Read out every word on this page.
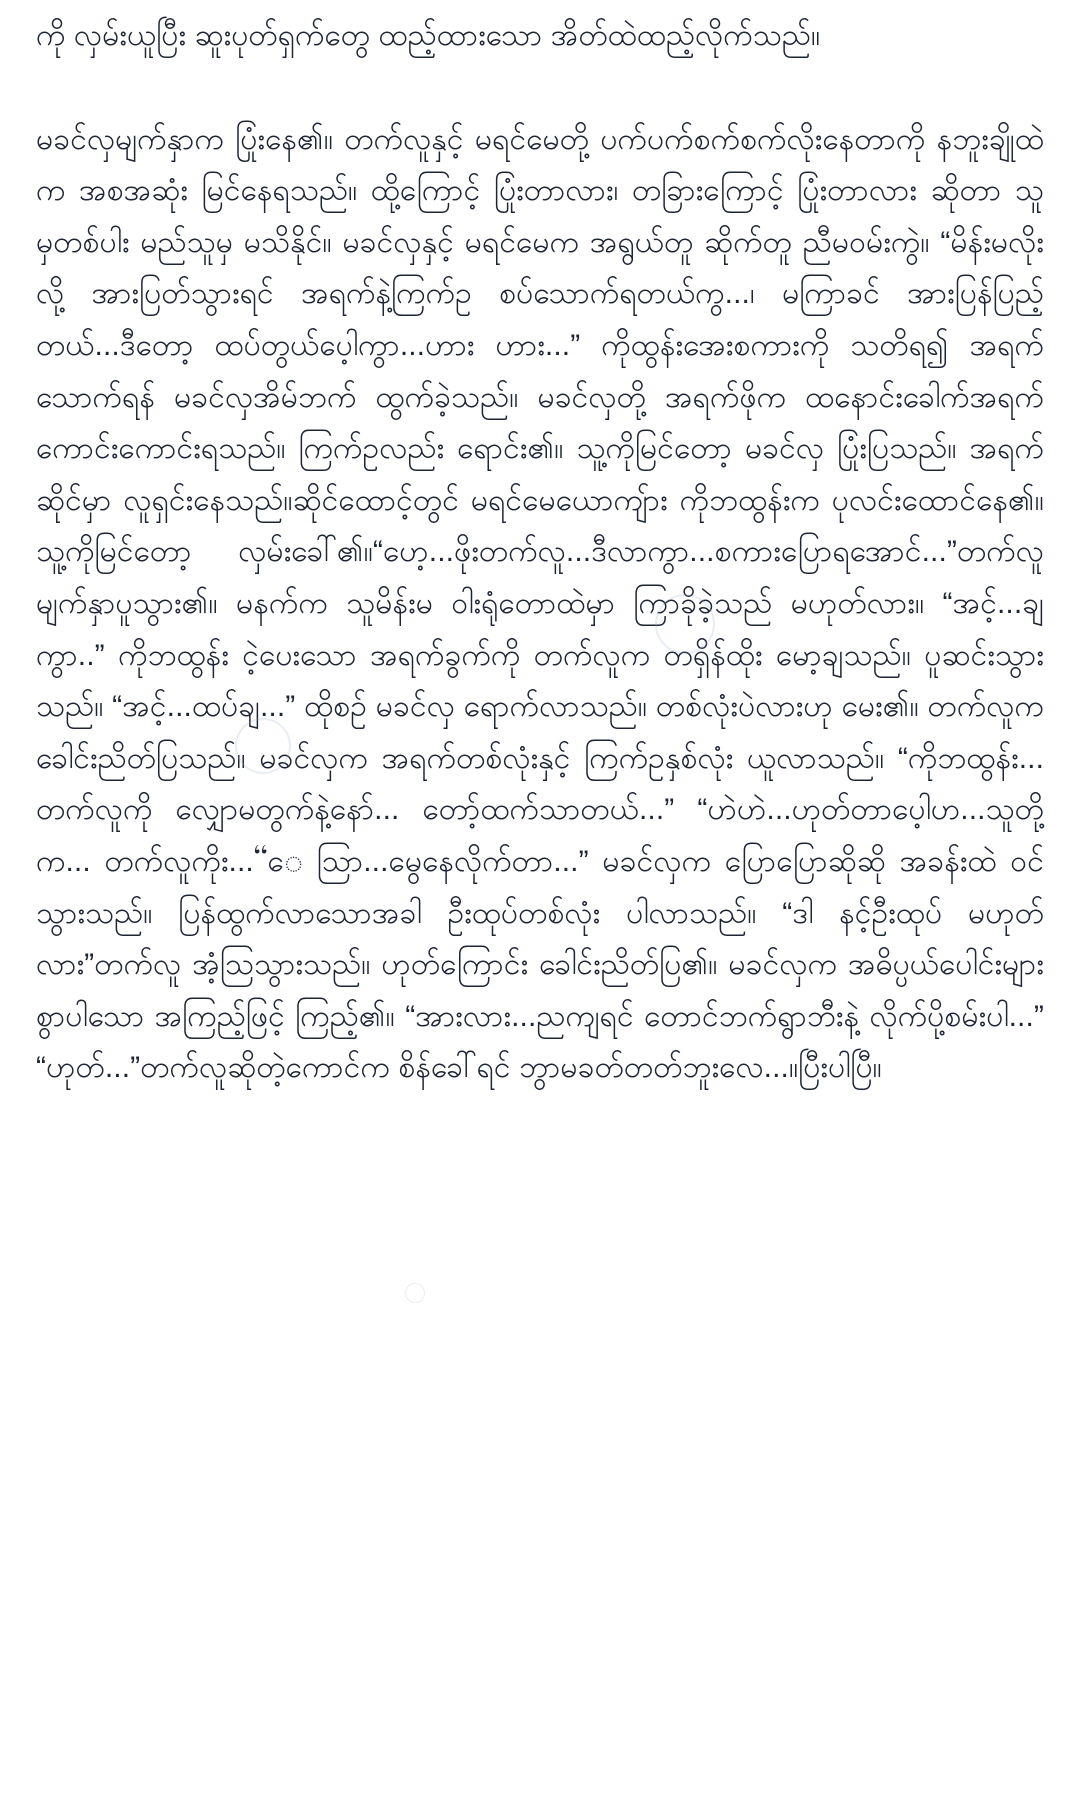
ကို လှမ်းယူပြီး ဆူးပုတ်ရှက်တွေ ထည့်ထားသော အိတ်ထဲထည့်လိုက်သည်။

မခင်လှမျက်နှာက ပြုံးနေ၏။ တက်လူနှင့် မရင်မေတို့ ပက်ပက်စက်စက်လိုးနေတာကို နဘူးချိုထဲက အစအဆုံး မြင်နေရသည်။ ထို့ကြောင့် ပြုံးတာလား၊ တခြားကြောင့် ပြုံးတာလား ဆိုတာ သူမှတစ်ပါး မည်သူမှ မသိနိုင်။ မခင်လှနှင့် မရင်မေက အရွယ်တူ ဆိုက်တူ ညီမဝမ်းကွဲ။ “မိန်းမလိုးလို့ အားပြတ်သွားရင် အရက်နဲ့ကြက်ဥ စပ်သောက်ရတယ်ကွ...၊ မကြာခင် အားပြန်ပြည့်တယ်...ဒီတော့ ထပ်တွယ်ပေ့ါကွာ...ဟား ဟား...” ကိုထွန်းအေးစကားကို သတိရ၍ အရက်သောက်ရန် မခင်လှအိမ်ဘက် ထွက်ခဲ့သည်။ မခင်လှတို့ အရက်ဖိုက ထနောင်းခေါက်အရက် ကောင်းကောင်းရသည်။ ကြက်ဥလည်း ရောင်း၏။ သူ့ကိုမြင်တော့ မခင်လှ ပြုံးပြသည်။ အရက်ဆိုင်မှာ လူရှင်းနေသည်။ဆိုင်ထောင့်တွင် မရင်မေယောကျ်ား ကိုဘထွန်းက ပုလင်းထောင်နေ၏။ သူ့ကိုမြင်တော့ လှမ်းခေါ်၏။“ဟေ့...ဖိုးတက်လူ...ဒီလာကွာ...စကားပြောရအောင်...”တက်လူ မျက်နှာပူသွား၏။ မနက်က သူမိန်းမ ဝါးရုံတောထဲမှာ ကြာခိုခဲ့သည် မဟုတ်လား။ “အင့်...ချကွာ..” ကိုဘထွန်း ငဲ့ပေးသော အရက်ခွက်ကို တက်လူက တရှိန်ထိုး မော့ချသည်။ ပူဆင်းသွားသည်။ “အင့်...ထပ်ချ...” ထိုစဉ် မခင်လှ ရောက်လာသည်။ တစ်လုံးပဲလားဟု မေး၏။ တက်လူက ခေါင်းညိတ်ပြသည်။ မခင်လှက အရက်တစ်လုံးနှင့် ကြက်ဥနှစ်လုံး ယူလာသည်။ “ကိုဘထွန်း... တက်လူကို လျှောမတွက်နဲ့နော်... တော့်ထက်သာတယ်...” “ဟဲဟဲ...ဟုတ်တာပေ့ါဟ...သူတို့က... တက်လူကိုး...“ေ သြာ...မွေနေလိုက်တာ...” မခင်လှက ပြောပြောဆိုဆို အခန်းထဲ ဝင်သွားသည်။ ပြန်ထွက်လာသောအခါ ဦးထုပ်တစ်လုံး ပါလာသည်။ “ဒါ နင့်ဦးထုပ် မဟုတ်လား”တက်လူ အံ့သြသွားသည်။ ဟုတ်ကြောင်း ခေါင်းညိတ်ပြ၏။ မခင်လှက အဓိပ္ပယ်ပေါင်းများစွာပါသော အကြည့်ဖြင့် ကြည့်၏။ “အားလား...ညကျရင် တောင်ဘက်ရွာဘီးနဲ့ လိုက်ပို့စမ်းပါ...” “ဟုတ်...”တက်လူဆိုတဲ့ကောင်က စိန်ခေါ်ရင် ဘွာမခတ်တတ်ဘူးလေ...။ပြီးပါပြီ။
